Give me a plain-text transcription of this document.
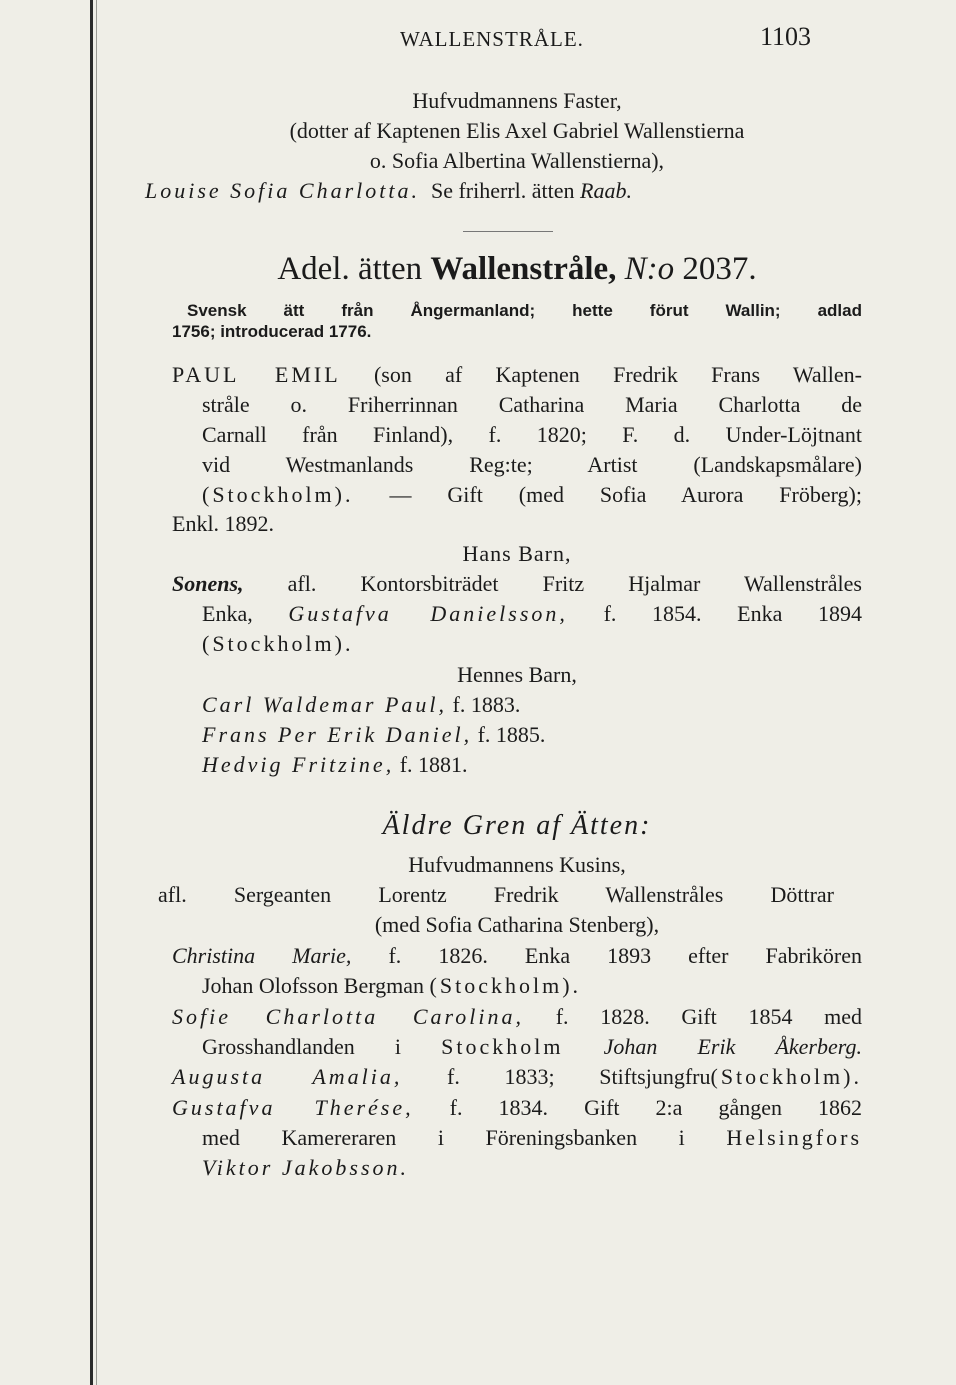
WALLENSTRÅLE.	1103
Hufvudmannens Faster,
(dotter af Kaptenen Elis Axel Gabriel Wallenstierna
o. Sofia Albertina Wallenstierna),
Louise Sofia Charlotta. Se friherrl. ätten Raab.
Adel. ätten Wallenstråle, N:o 2037.
Svensk ätt från Ångermanland; hette förut Wallin; adlad
1756; introducerad 1776.
PAUL EMIL (son af Kaptenen Fredrik Frans Wallen-
stråle o. Friherrinnan Catharina Maria Charlotta de
Carnall från Finland), f. 1820; F. d. Under-Löjtnant
vid Westmanlands Reg:te; Artist (Landskapsmålare)
(Stockholm). — Gift (med Sofia Aurora Fröberg);
Enkl. 1892.
Hans Barn,
Sonens, afl. Kontorsbiträdet Fritz Hjalmar Wallenstråles
Enka, Gustafva Danielsson, f. 1854. Enka 1894
(Stockholm).
Hennes Barn,
Carl Waldemar Paul, f. 1883.
Frans Per Erik Daniel, f. 1885.
Hedvig Fritzine, f. 1881.
Äldre Gren af Ätten:
Hufvudmannens Kusins,
afl. Sergeanten Lorentz Fredrik Wallenstråles Döttrar
(med Sofia Catharina Stenberg),
Christina Marie, f. 1826. Enka 1893 efter Fabrikören
Johan Olofsson Bergman (Stockholm).
Sofie Charlotta Carolina, f. 1828. Gift 1854 med
Grosshandlanden i Stockholm Johan Erik Åkerberg.
Augusta Amalia, f. 1833; Stiftsjungfru(Stockholm).
Gustafva Therése, f. 1834. Gift 2:a gången 1862
med Kamereraren i Föreningsbanken i Helsingfors
Viktor Jakobsson.
